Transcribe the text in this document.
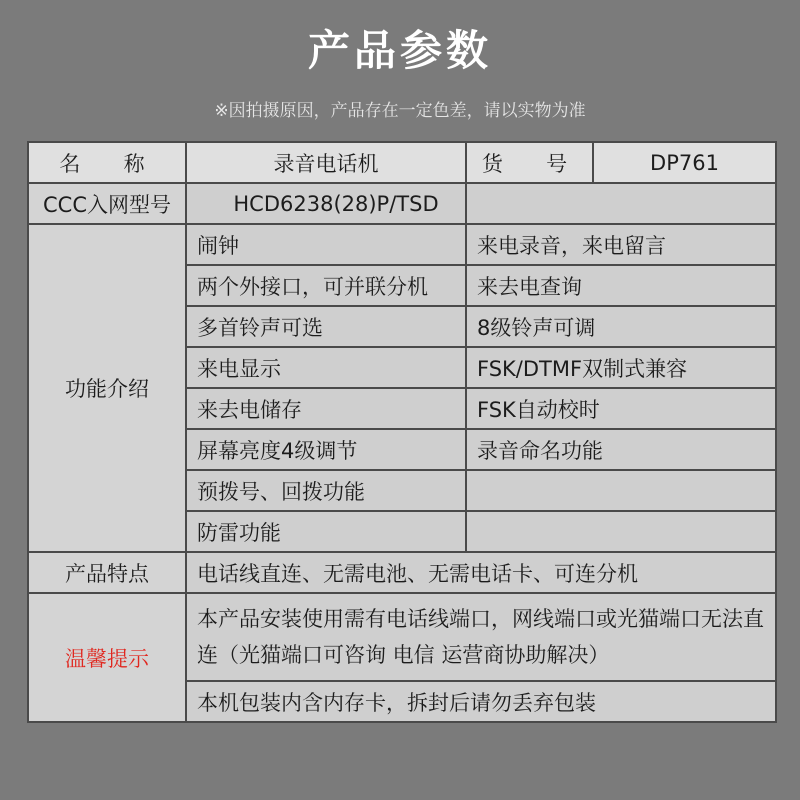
产品参数
※因拍摄原因，产品存在一定色差，请以实物为准
名  称	录音电话机	货  号	DP761
CCC入网型号	HCD6238(28)P/TSD		
功能介绍	闹钟	来电录音，来电留言	
	两个外接口，可并联分机	来去电查询	
	多首铃声可选	8级铃声可调	
	来电显示	FSK/DTMF双制式兼容	
	来去电储存	FSK自动校时	
	屏幕亮度4级调节	录音命名功能	
	预拨号、回拨功能		
	防雷功能		
产品特点	电话线直连、无需电池、无需电话卡、可连分机		
温馨提示	本产品安装使用需有电话线端口，网线端口或光猫端口无法直连（光猫端口可咨询 电信 运营商协助解决）		
	本机包装内含内存卡，拆封后请勿丢弃包装		
